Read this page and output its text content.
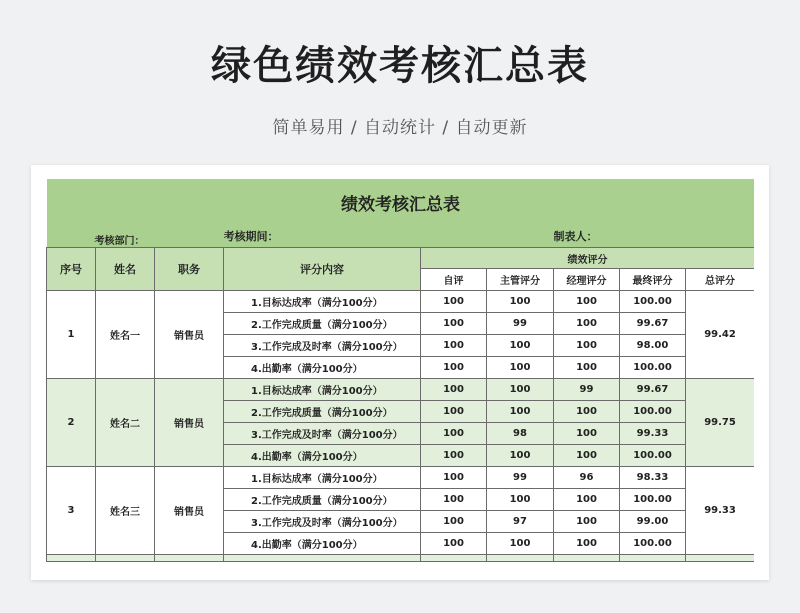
绿色绩效考核汇总表
简单易用 / 自动统计 / 自动更新
绩效考核汇总表								
考核部门：			考核期间：			制表人：		
序号	姓名	职务	评分内容	绩效评分				
				自评	主管评分	经理评分	最终评分	总评分
1	姓名一	销售员	1.目标达成率（满分100分）	100	100	100	100.00	99.42
			2.工作完成质量（满分100分）	100	99	100	99.67	
			3.工作完成及时率（满分100分）	100	100	100	98.00	
			4.出勤率（满分100分）	100	100	100	100.00	
2	姓名二	销售员	1.目标达成率（满分100分）	100	100	99	99.67	99.75
			2.工作完成质量（满分100分）	100	100	100	100.00	
			3.工作完成及时率（满分100分）	100	98	100	99.33	
			4.出勤率（满分100分）	100	100	100	100.00	
3	姓名三	销售员	1.目标达成率（满分100分）	100	99	96	98.33	99.33
			2.工作完成质量（满分100分）	100	100	100	100.00	
			3.工作完成及时率（满分100分）	100	97	100	99.00	
			4.出勤率（满分100分）	100	100	100	100.00	
